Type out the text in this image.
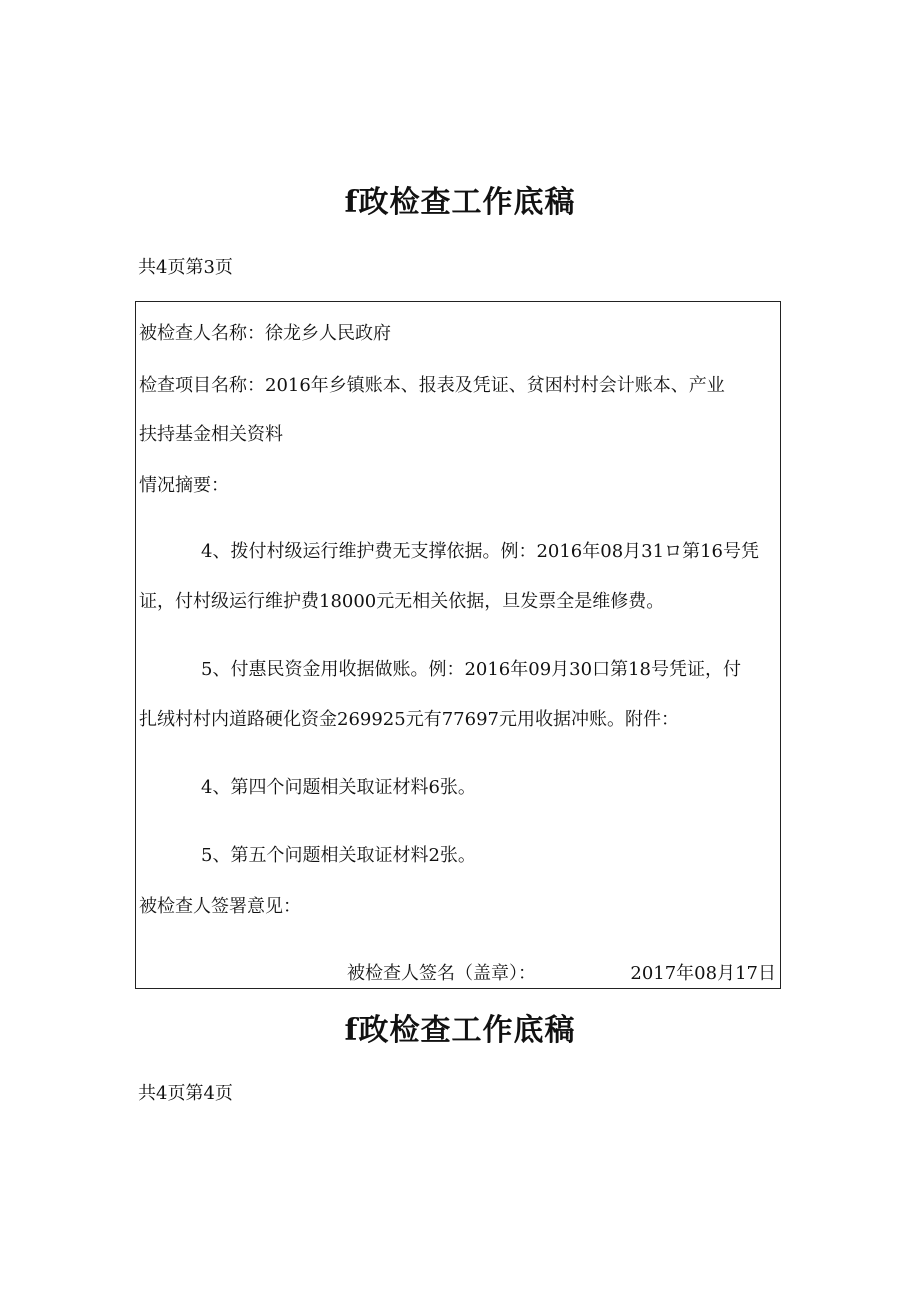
f政检查工作底稿
共4页第3页
被检查人名称：徐龙乡人民政府
检查项目名称：2016年乡镇账本、报表及凭证、贫困村村会计账本、产业
扶持基金相关资料
情况摘要：
4、拨付村级运行维护费无支撑依据。例：2016年08月31ロ第16号凭
证，付村级运行维护费18000元无相关依据，旦发票全是维修费。
5、付惠民资金用收据做账。例：2016年09月30口第18号凭证，付
扎绒村村内道路硬化资金269925元有77697元用收据冲账。附件：
4、第四个问题相关取证材料6张。
5、第五个问题相关取证材料2张。
被检查人签署意见：
被检查人签名（盖章）：	2017年08月17日
f政检查工作底稿
共4页第4页
